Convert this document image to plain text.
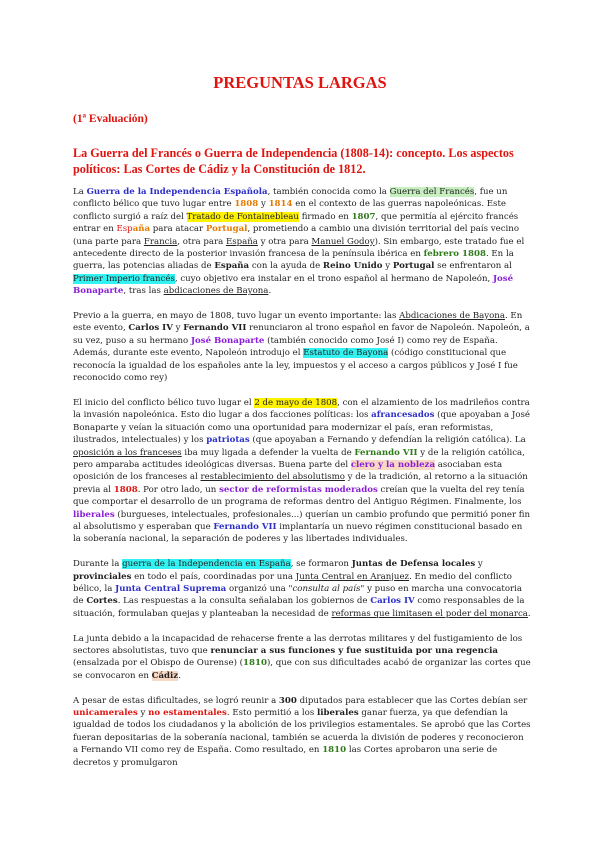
PREGUNTAS LARGAS
(1ª Evaluación)
La Guerra del Francés o Guerra de Independencia (1808-14): concepto. Los aspectos políticos: Las Cortes de Cádiz y la Constitución de 1812.

La Guerra de la Independencia Española, también conocida como la Guerra del Francés, fue un conflicto bélico que tuvo lugar entre 1808 y 1814 en el contexto de las guerras napoleónicas. Este conflicto surgió a raíz del Tratado de Fontainebleau firmado en 1807, que permitía al ejército francés entrar en España para atacar Portugal, prometiendo a cambio una división territorial del país vecino (una parte para Francia, otra para España y otra para Manuel Godoy). Sin embargo, este tratado fue el antecedente directo de la posterior invasión francesa de la península ibérica en febrero 1808. En la guerra, las potencias aliadas de España con la ayuda de Reino Unido y Portugal se enfrentaron al Primer Imperio francés, cuyo objetivo era instalar en el trono español al hermano de Napoleón, José Bonaparte, tras las abdicaciones de Bayona.

Previo a la guerra, en mayo de 1808, tuvo lugar un evento importante: las Abdicaciones de Bayona. En este evento, Carlos IV y Fernando VII renunciaron al trono español en favor de Napoleón. Napoleón, a su vez, puso a su hermano José Bonaparte (también conocido como José I) como rey de España. Además, durante este evento, Napoleón introdujo el Estatuto de Bayona (código constitucional que reconocía la igualdad de los españoles ante la ley, impuestos y el acceso a cargos públicos y José I fue reconocido como rey)

El inicio del conflicto bélico tuvo lugar el 2 de mayo de 1808, con el alzamiento de los madrileños contra la invasión napoleónica. Esto dio lugar a dos facciones políticas: los afrancesados (que apoyaban a José Bonaparte y veían la situación como una oportunidad para modernizar el país, eran reformistas, ilustrados, intelectuales) y los patriotas (que apoyaban a Fernando y defendían la religión católica). La oposición a los franceses iba muy ligada a defender la vuelta de Fernando VII y de la religión católica, pero amparaba actitudes ideológicas diversas. Buena parte del clero y la nobleza asociaban esta oposición de los franceses al restablecimiento del absolutismo y de la tradición, al retorno a la situación previa al 1808. Por otro lado, un sector de reformistas moderados creían que la vuelta del rey tenía que comportar el desarrollo de un programa de reformas dentro del Antiguo Régimen. Finalmente, los liberales (burgueses, intelectuales, profesionales...) querían un cambio profundo que permitió poner fin al absolutismo y esperaban que Fernando VII implantaría un nuevo régimen constitucional basado en la soberanía nacional, la separación de poderes y las libertades individuales.

Durante la guerra de la Independencia en España, se formaron Juntas de Defensa locales y provinciales en todo el país, coordinadas por una Junta Central en Aranjuez. En medio del conflicto bélico, la Junta Central Suprema organizó una "consulta al país" y puso en marcha una convocatoria de Cortes. Las respuestas a la consulta señalaban los gobiernos de Carlos IV como responsables de la situación, formulaban quejas y planteaban la necesidad de reformas que limitasen el poder del monarca.

La junta debido a la incapacidad de rehacerse frente a las derrotas militares y del fustigamiento de los sectores absolutistas, tuvo que renunciar a sus funciones y fue sustituida por una regencia (ensalzada por el Obispo de Ourense) (1810), que con sus dificultades acabó de organizar las cortes que se convocaron en Cádiz.

A pesar de estas dificultades, se logró reunir a 300 diputados para establecer que las Cortes debían ser unicamerales y no estamentales. Esto permitió a los liberales ganar fuerza, ya que defendían la igualdad de todos los ciudadanos y la abolición de los privilegios estamentales. Se aprobó que las Cortes fueran depositarias de la soberanía nacional, también se acuerda la división de poderes y reconocieron a Fernando VII como rey de España. Como resultado, en 1810 las Cortes aprobaron una serie de decretos y promulgaron
